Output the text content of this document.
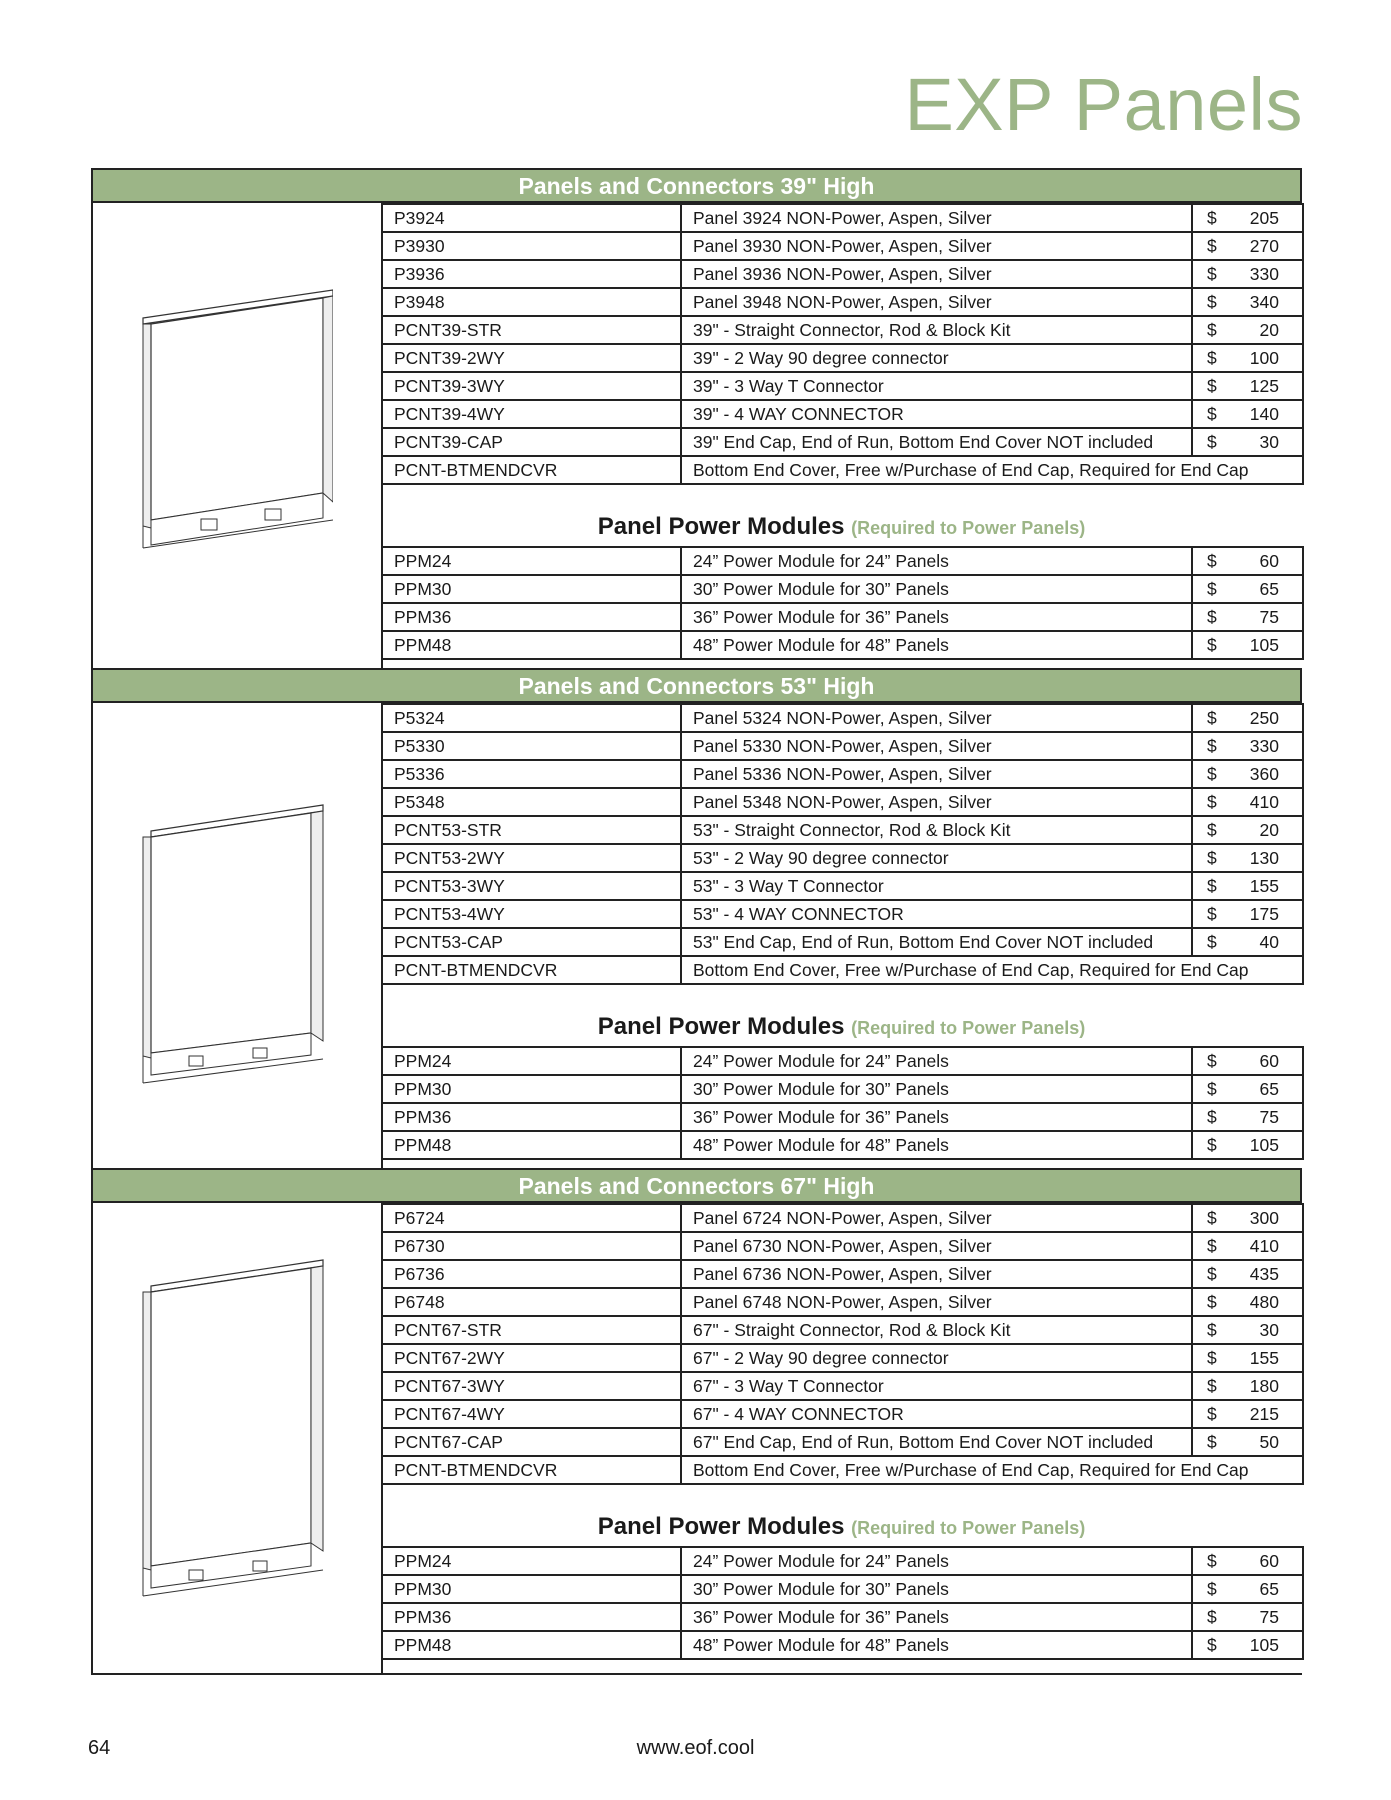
EXP Panels
Panels and Connectors 39" High
P3924	Panel 3924 NON-Power, Aspen, Silver	$ 205
P3930	Panel 3930 NON-Power, Aspen, Silver	$ 270
P3936	Panel 3936 NON-Power, Aspen, Silver	$ 330
P3948	Panel 3948 NON-Power, Aspen, Silver	$ 340
PCNT39-STR	39" - Straight Connector, Rod & Block Kit	$ 20
PCNT39-2WY	39" - 2 Way 90 degree connector	$ 100
PCNT39-3WY	39" - 3 Way T Connector	$ 125
PCNT39-4WY	39" - 4 WAY CONNECTOR	$ 140
PCNT39-CAP	39" End Cap, End of Run, Bottom End Cover NOT included	$ 30
PCNT-BTMENDCVR	Bottom End Cover, Free w/Purchase of End Cap, Required for End Cap	
Panel Power Modules (Required to Power Panels)
PPM24	24” Power Module for 24” Panels	$ 60
PPM30	30” Power Module for 30” Panels	$ 65
PPM36	36” Power Module for 36” Panels	$ 75
PPM48	48” Power Module for 48” Panels	$ 105
Panels and Connectors 53" High
P5324	Panel 5324 NON-Power, Aspen, Silver	$ 250
P5330	Panel 5330 NON-Power, Aspen, Silver	$ 330
P5336	Panel 5336 NON-Power, Aspen, Silver	$ 360
P5348	Panel 5348 NON-Power, Aspen, Silver	$ 410
PCNT53-STR	53" - Straight Connector, Rod & Block Kit	$ 20
PCNT53-2WY	53" - 2 Way 90 degree connector	$ 130
PCNT53-3WY	53" - 3 Way T Connector	$ 155
PCNT53-4WY	53" - 4 WAY CONNECTOR	$ 175
PCNT53-CAP	53" End Cap, End of Run, Bottom End Cover NOT included	$ 40
PCNT-BTMENDCVR	Bottom End Cover, Free w/Purchase of End Cap, Required for End Cap	
Panel Power Modules (Required to Power Panels)
PPM24	24” Power Module for 24” Panels	$ 60
PPM30	30” Power Module for 30” Panels	$ 65
PPM36	36” Power Module for 36” Panels	$ 75
PPM48	48” Power Module for 48” Panels	$ 105
Panels and Connectors 67" High
P6724	Panel 6724 NON-Power, Aspen, Silver	$ 300
P6730	Panel 6730 NON-Power, Aspen, Silver	$ 410
P6736	Panel 6736 NON-Power, Aspen, Silver	$ 435
P6748	Panel 6748 NON-Power, Aspen, Silver	$ 480
PCNT67-STR	67" - Straight Connector, Rod & Block Kit	$ 30
PCNT67-2WY	67" - 2 Way 90 degree connector	$ 155
PCNT67-3WY	67" - 3 Way T Connector	$ 180
PCNT67-4WY	67" - 4 WAY CONNECTOR	$ 215
PCNT67-CAP	67" End Cap, End of Run, Bottom End Cover NOT included	$ 50
PCNT-BTMENDCVR	Bottom End Cover, Free w/Purchase of End Cap, Required for End Cap	
Panel Power Modules (Required to Power Panels)
PPM24	24” Power Module for 24” Panels	$ 60
PPM30	30” Power Module for 30” Panels	$ 65
PPM36	36” Power Module for 36” Panels	$ 75
PPM48	48” Power Module for 48” Panels	$ 105
64	www.eof.cool
